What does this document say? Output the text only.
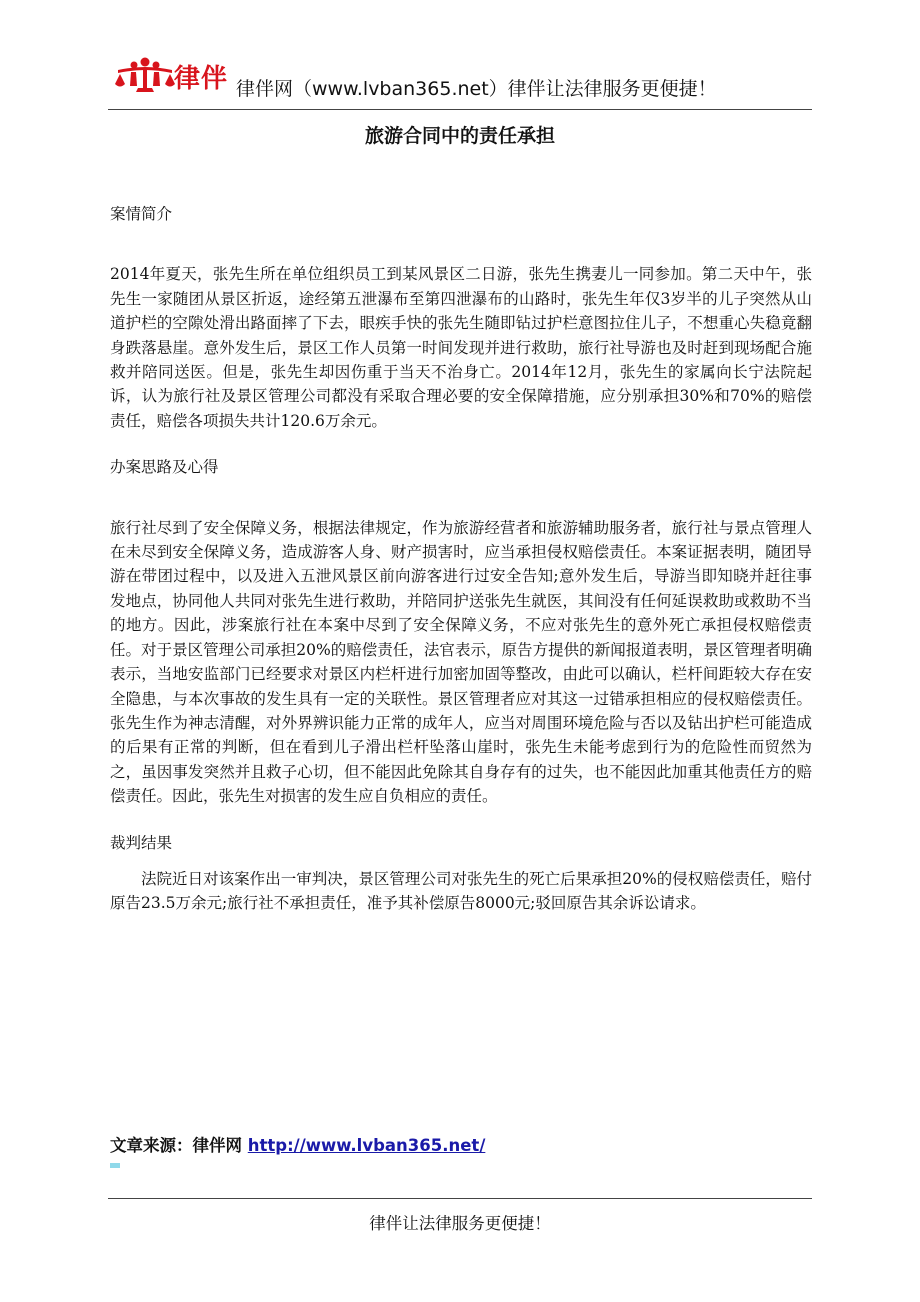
律伴 律伴网（www.lvban365.net）律伴让法律服务更便捷！
旅游合同中的责任承担

案情简介

2014年夏天，张先生所在单位组织员工到某风景区二日游，张先生携妻儿一同参加。第二天中午，张先生一家随团从景区折返，途经第五泄瀑布至第四泄瀑布的山路时，张先生年仅3岁半的儿子突然从山道护栏的空隙处滑出路面摔了下去，眼疾手快的张先生随即钻过护栏意图拉住儿子，不想重心失稳竟翻身跌落悬崖。意外发生后，景区工作人员第一时间发现并进行救助，旅行社导游也及时赶到现场配合施救并陪同送医。但是，张先生却因伤重于当天不治身亡。2014年12月，张先生的家属向长宁法院起诉，认为旅行社及景区管理公司都没有采取合理必要的安全保障措施，应分别承担30%和70%的赔偿责任，赔偿各项损失共计120.6万余元。

办案思路及心得

旅行社尽到了安全保障义务，根据法律规定，作为旅游经营者和旅游辅助服务者，旅行社与景点管理人在未尽到安全保障义务，造成游客人身、财产损害时，应当承担侵权赔偿责任。本案证据表明，随团导游在带团过程中，以及进入五泄风景区前向游客进行过安全告知;意外发生后，导游当即知晓并赶往事发地点，协同他人共同对张先生进行救助，并陪同护送张先生就医，其间没有任何延误救助或救助不当的地方。因此，涉案旅行社在本案中尽到了安全保障义务，不应对张先生的意外死亡承担侵权赔偿责任。对于景区管理公司承担20%的赔偿责任，法官表示，原告方提供的新闻报道表明，景区管理者明确表示，当地安监部门已经要求对景区内栏杆进行加密加固等整改，由此可以确认，栏杆间距较大存在安全隐患，与本次事故的发生具有一定的关联性。景区管理者应对其这一过错承担相应的侵权赔偿责任。张先生作为神志清醒，对外界辨识能力正常的成年人，应当对周围环境危险与否以及钻出护栏可能造成的后果有正常的判断，但在看到儿子滑出栏杆坠落山崖时，张先生未能考虑到行为的危险性而贸然为之，虽因事发突然并且救子心切，但不能因此免除其自身存有的过失，也不能因此加重其他责任方的赔偿责任。因此，张先生对损害的发生应自负相应的责任。

裁判结果

法院近日对该案作出一审判决，景区管理公司对张先生的死亡后果承担20%的侵权赔偿责任，赔付原告23.5万余元;旅行社不承担责任，准予其补偿原告8000元;驳回原告其余诉讼请求。

文章来源：律伴网 http://www.lvban365.net/
律伴让法律服务更便捷！
